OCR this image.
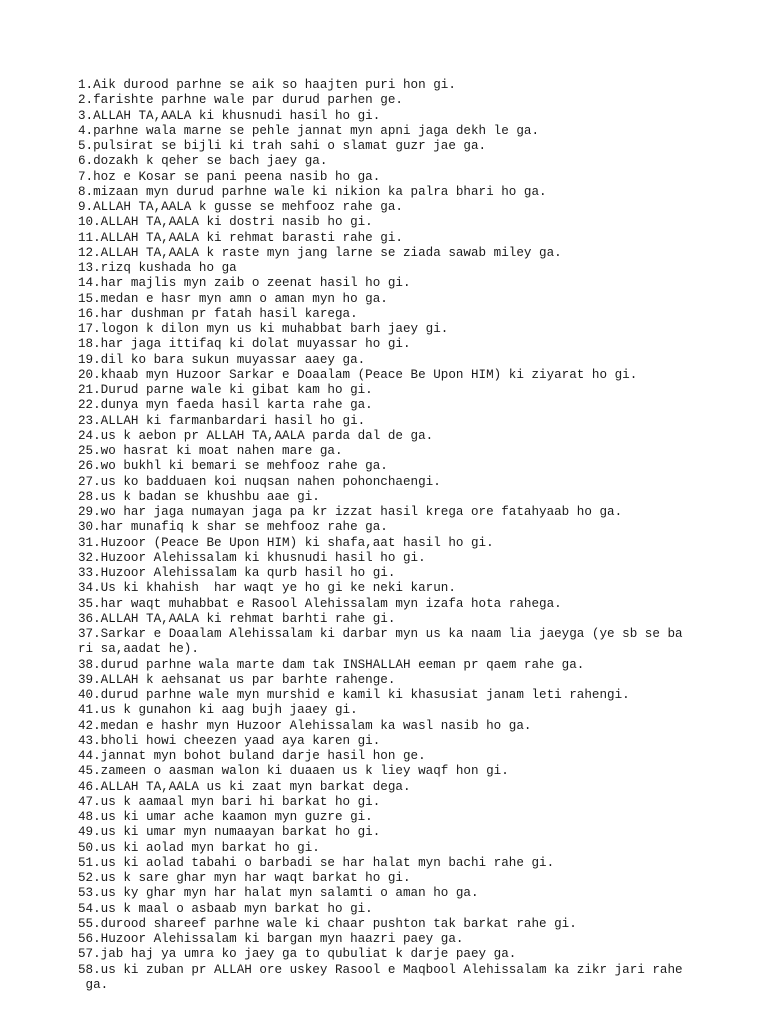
1.Aik durood parhne se aik so haajten puri hon gi.
2.farishte parhne wale par durud parhen ge.
3.ALLAH TA,AALA ki khusnudi hasil ho gi.
4.parhne wala marne se pehle jannat myn apni jaga dekh le ga.
5.pulsirat se bijli ki trah sahi o slamat guzr jae ga.
6.dozakh k qeher se bach jaey ga.
7.hoz e Kosar se pani peena nasib ho ga.
8.mizaan myn durud parhne wale ki nikion ka palra bhari ho ga.
9.ALLAH TA,AALA k gusse se mehfooz rahe ga.
10.ALLAH TA,AALA ki dostri nasib ho gi.
11.ALLAH TA,AALA ki rehmat barasti rahe gi.
12.ALLAH TA,AALA k raste myn jang larne se ziada sawab miley ga.
13.rizq kushada ho ga
14.har majlis myn zaib o zeenat hasil ho gi.
15.medan e hasr myn amn o aman myn ho ga.
16.har dushman pr fatah hasil karega.
17.logon k dilon myn us ki muhabbat barh jaey gi.
18.har jaga ittifaq ki dolat muyassar ho gi.
19.dil ko bara sukun muyassar aaey ga.
20.khaab myn Huzoor Sarkar e Doaalam (Peace Be Upon HIM) ki ziyarat ho gi.
21.Durud parne wale ki gibat kam ho gi.
22.dunya myn faeda hasil karta rahe ga.
23.ALLAH ki farmanbardari hasil ho gi.
24.us k aebon pr ALLAH TA,AALA parda dal de ga.
25.wo hasrat ki moat nahen mare ga.
26.wo bukhl ki bemari se mehfooz rahe ga.
27.us ko badduaen koi nuqsan nahen pohonchaengi.
28.us k badan se khushbu aae gi.
29.wo har jaga numayan jaga pa kr izzat hasil krega ore fatahyaab ho ga.
30.har munafiq k shar se mehfooz rahe ga.
31.Huzoor (Peace Be Upon HIM) ki shafa,aat hasil ho gi.
32.Huzoor Alehissalam ki khusnudi hasil ho gi.
33.Huzoor Alehissalam ka qurb hasil ho gi.
34.Us ki khahish  har waqt ye ho gi ke neki karun.
35.har waqt muhabbat e Rasool Alehissalam myn izafa hota rahega.
36.ALLAH TA,AALA ki rehmat barhti rahe gi.
37.Sarkar e Doaalam Alehissalam ki darbar myn us ka naam lia jaeyga (ye sb se ba
ri sa,aadat he).
38.durud parhne wala marte dam tak INSHALLAH eeman pr qaem rahe ga.
39.ALLAH k aehsanat us par barhte rahenge.
40.durud parhne wale myn murshid e kamil ki khasusiat janam leti rahengi.
41.us k gunahon ki aag bujh jaaey gi.
42.medan e hashr myn Huzoor Alehissalam ka wasl nasib ho ga.
43.bholi howi cheezen yaad aya karen gi.
44.jannat myn bohot buland darje hasil hon ge.
45.zameen o aasman walon ki duaaen us k liey waqf hon gi.
46.ALLAH TA,AALA us ki zaat myn barkat dega.
47.us k aamaal myn bari hi barkat ho gi.
48.us ki umar ache kaamon myn guzre gi.
49.us ki umar myn numaayan barkat ho gi.
50.us ki aolad myn barkat ho gi.
51.us ki aolad tabahi o barbadi se har halat myn bachi rahe gi.
52.us k sare ghar myn har waqt barkat ho gi.
53.us ky ghar myn har halat myn salamti o aman ho ga.
54.us k maal o asbaab myn barkat ho gi.
55.durood shareef parhne wale ki chaar pushton tak barkat rahe gi.
56.Huzoor Alehissalam ki bargan myn haazri paey ga.
57.jab haj ya umra ko jaey ga to qubuliat k darje paey ga.
58.us ki zuban pr ALLAH ore uskey Rasool e Maqbool Alehissalam ka zikr jari rahe
ga.
